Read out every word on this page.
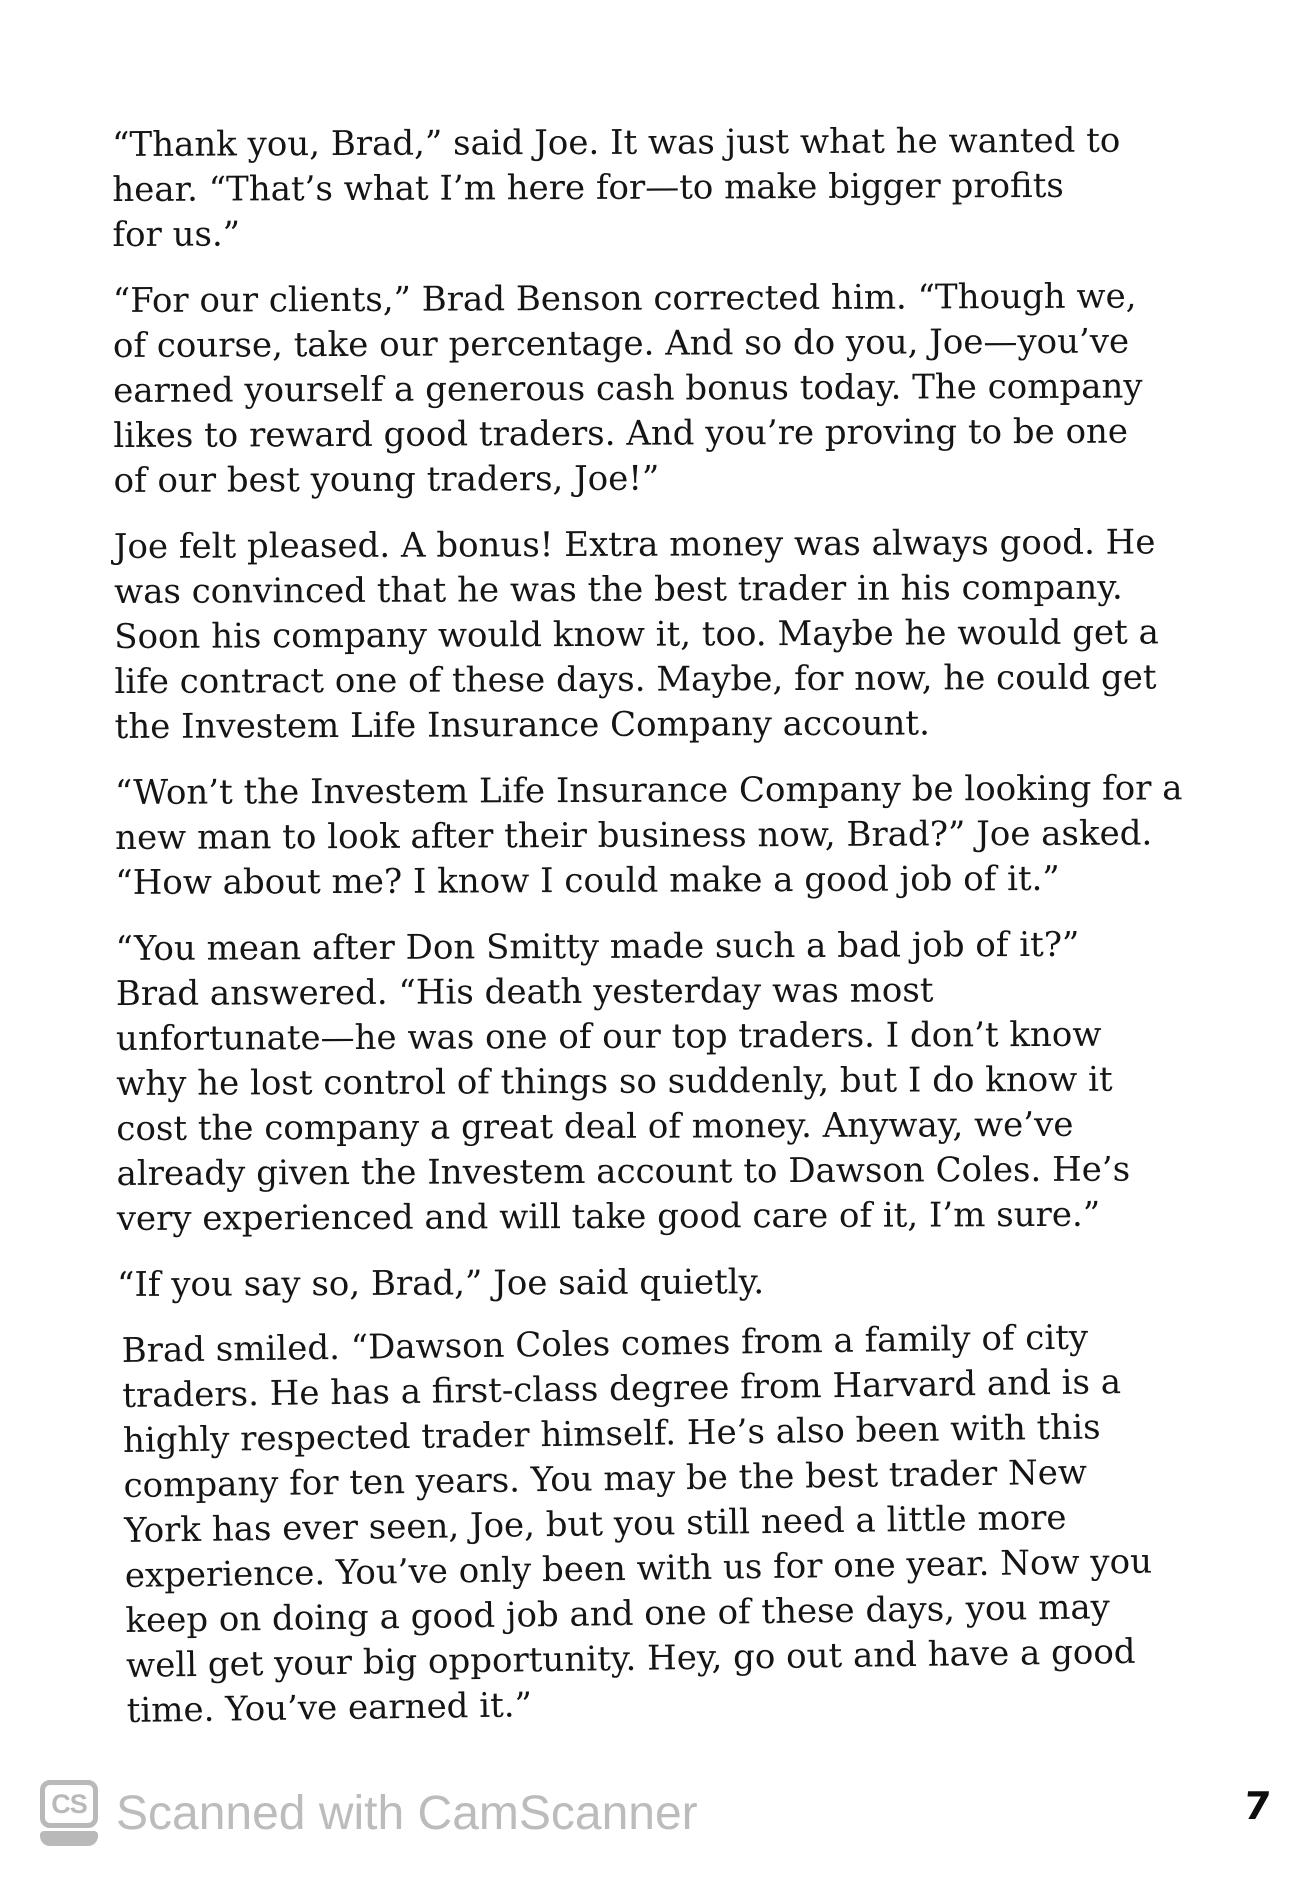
“Thank you, Brad,” said Joe. It was just what he wanted to
hear. “That’s what I’m here for—to make bigger profits
for us.”

“For our clients,” Brad Benson corrected him. “Though we,
of course, take our percentage. And so do you, Joe—you’ve
earned yourself a generous cash bonus today. The company
likes to reward good traders. And you’re proving to be one
of our best young traders, Joe!”

Joe felt pleased. A bonus! Extra money was always good. He
was convinced that he was the best trader in his company.
Soon his company would know it, too. Maybe he would get a
life contract one of these days. Maybe, for now, he could get
the Investem Life Insurance Company account.

“Won’t the Investem Life Insurance Company be looking for a
new man to look after their business now, Brad?” Joe asked.
“How about me? I know I could make a good job of it.”

“You mean after Don Smitty made such a bad job of it?”
Brad answered. “His death yesterday was most
unfortunate—he was one of our top traders. I don’t know
why he lost control of things so suddenly, but I do know it
cost the company a great deal of money. Anyway, we’ve
already given the Investem account to Dawson Coles. He’s
very experienced and will take good care of it, I’m sure.”

“If you say so, Brad,” Joe said quietly.

Brad smiled. “Dawson Coles comes from a family of city
traders. He has a first-class degree from Harvard and is a
highly respected trader himself. He’s also been with this
company for ten years. You may be the best trader New
York has ever seen, Joe, but you still need a little more
experience. You’ve only been with us for one year. Now you
keep on doing a good job and one of these days, you may
well get your big opportunity. Hey, go out and have a good
time. You’ve earned it.”

CS Scanned with CamScanner	7
